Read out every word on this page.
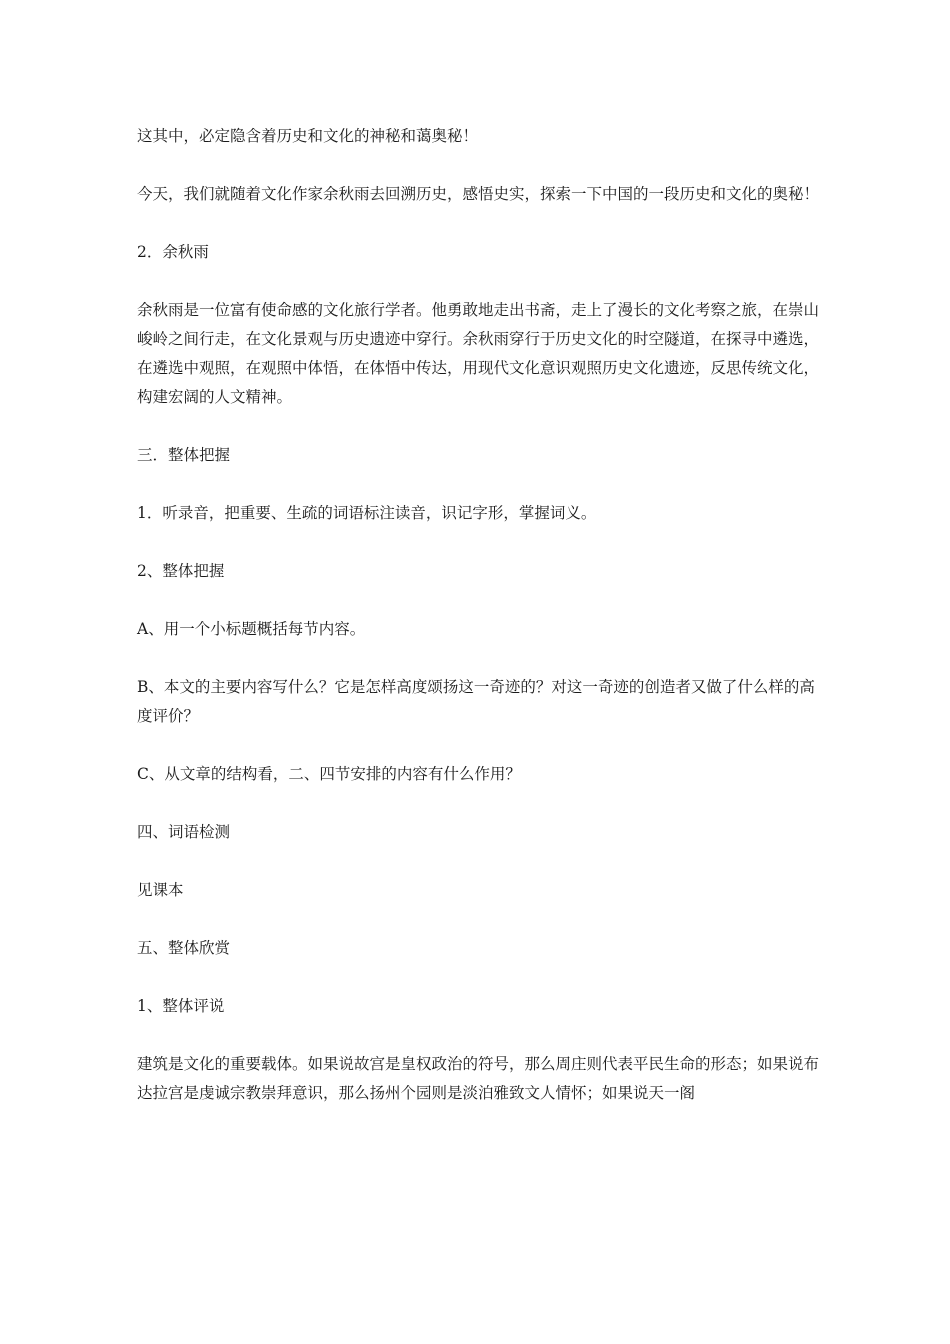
这其中，必定隐含着历史和文化的神秘和蔼奥秘！

今天，我们就随着文化作家余秋雨去回溯历史，感悟史实，探索一下中国的一段历史和文化的奥秘！

2．余秋雨

余秋雨是一位富有使命感的文化旅行学者。他勇敢地走出书斋，走上了漫长的文化考察之旅，在崇山峻岭之间行走，在文化景观与历史遗迹中穿行。余秋雨穿行于历史文化的时空隧道，在探寻中遴选，在遴选中观照，在观照中体悟，在体悟中传达，用现代文化意识观照历史文化遗迹，反思传统文化，构建宏阔的人文精神。

三．整体把握

1．听录音，把重要、生疏的词语标注读音，识记字形，掌握词义。

2、整体把握

A、用一个小标题概括每节内容。

B、本文的主要内容写什么？它是怎样高度颂扬这一奇迹的？对这一奇迹的创造者又做了什么样的高度评价？

C、从文章的结构看，二、四节安排的内容有什么作用？

四、词语检测

见课本

五、整体欣赏

1、整体评说

建筑是文化的重要载体。如果说故宫是皇权政治的符号，那么周庄则代表平民生命的形态；如果说布达拉宫是虔诚宗教崇拜意识，那么扬州个园则是淡泊雅致文人情怀；如果说天一阁
